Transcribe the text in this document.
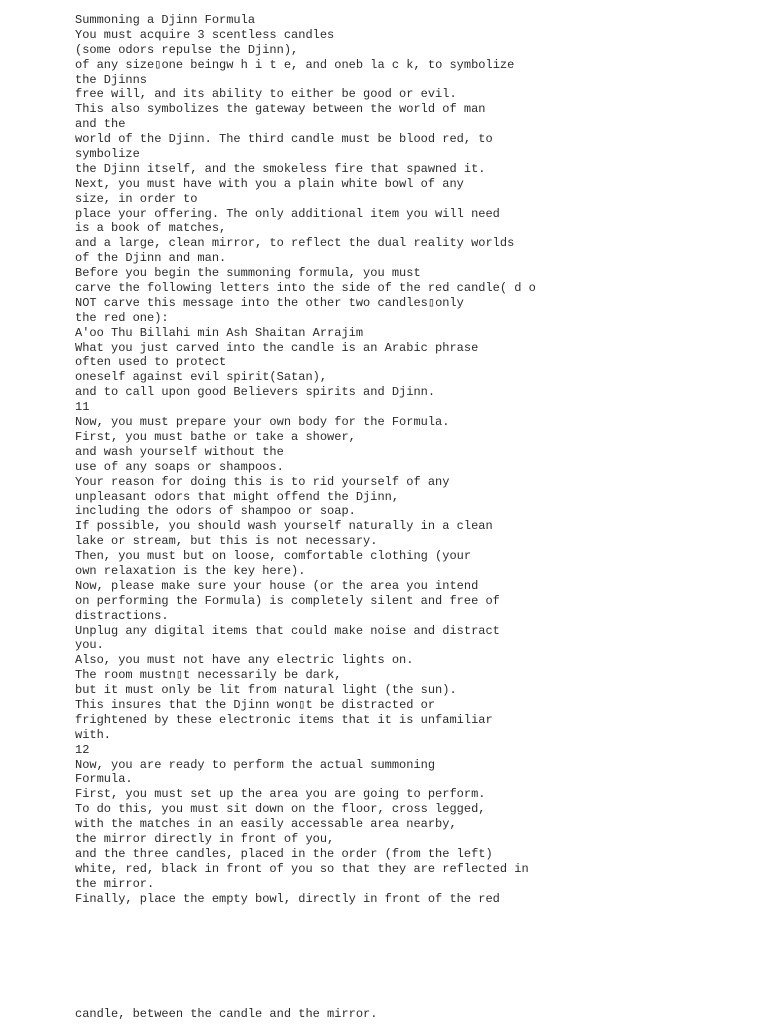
Summoning a Djinn Formula
You must acquire 3 scentless candles
(some odors repulse the Djinn),
of any size▯one beingw h i t e, and oneb la c k, to symbolize
the Djinns
free will, and its ability to either be good or evil.
This also symbolizes the gateway between the world of man
and the
world of the Djinn. The third candle must be blood red, to
symbolize
the Djinn itself, and the smokeless fire that spawned it.
Next, you must have with you a plain white bowl of any
size, in order to
place your offering. The only additional item you will need
is a book of matches,
and a large, clean mirror, to reflect the dual reality worlds
of the Djinn and man.
Before you begin the summoning formula, you must
carve the following letters into the side of the red candle( d o
NOT carve this message into the other two candles▯only
the red one):
A'oo Thu Billahi min Ash Shaitan Arrajim
What you just carved into the candle is an Arabic phrase
often used to protect
oneself against evil spirit(Satan),
and to call upon good Believers spirits and Djinn.
11
Now, you must prepare your own body for the Formula.
First, you must bathe or take a shower,
and wash yourself without the
use of any soaps or shampoos.
Your reason for doing this is to rid yourself of any
unpleasant odors that might offend the Djinn,
including the odors of shampoo or soap.
If possible, you should wash yourself naturally in a clean
lake or stream, but this is not necessary.
Then, you must but on loose, comfortable clothing (your
own relaxation is the key here).
Now, please make sure your house (or the area you intend
on performing the Formula) is completely silent and free of
distractions.
Unplug any digital items that could make noise and distract
you.
Also, you must not have any electric lights on.
The room mustn▯t necessarily be dark,
but it must only be lit from natural light (the sun).
This insures that the Djinn won▯t be distracted or
frightened by these electronic items that it is unfamiliar
with.
12
Now, you are ready to perform the actual summoning
Formula.
First, you must set up the area you are going to perform.
To do this, you must sit down on the floor, cross legged,
with the matches in an easily accessable area nearby,
the mirror directly in front of you,
and the three candles, placed in the order (from the left)
white, red, black in front of you so that they are reflected in
the mirror.
Finally, place the empty bowl, directly in front of the red
candle, between the candle and the mirror.
